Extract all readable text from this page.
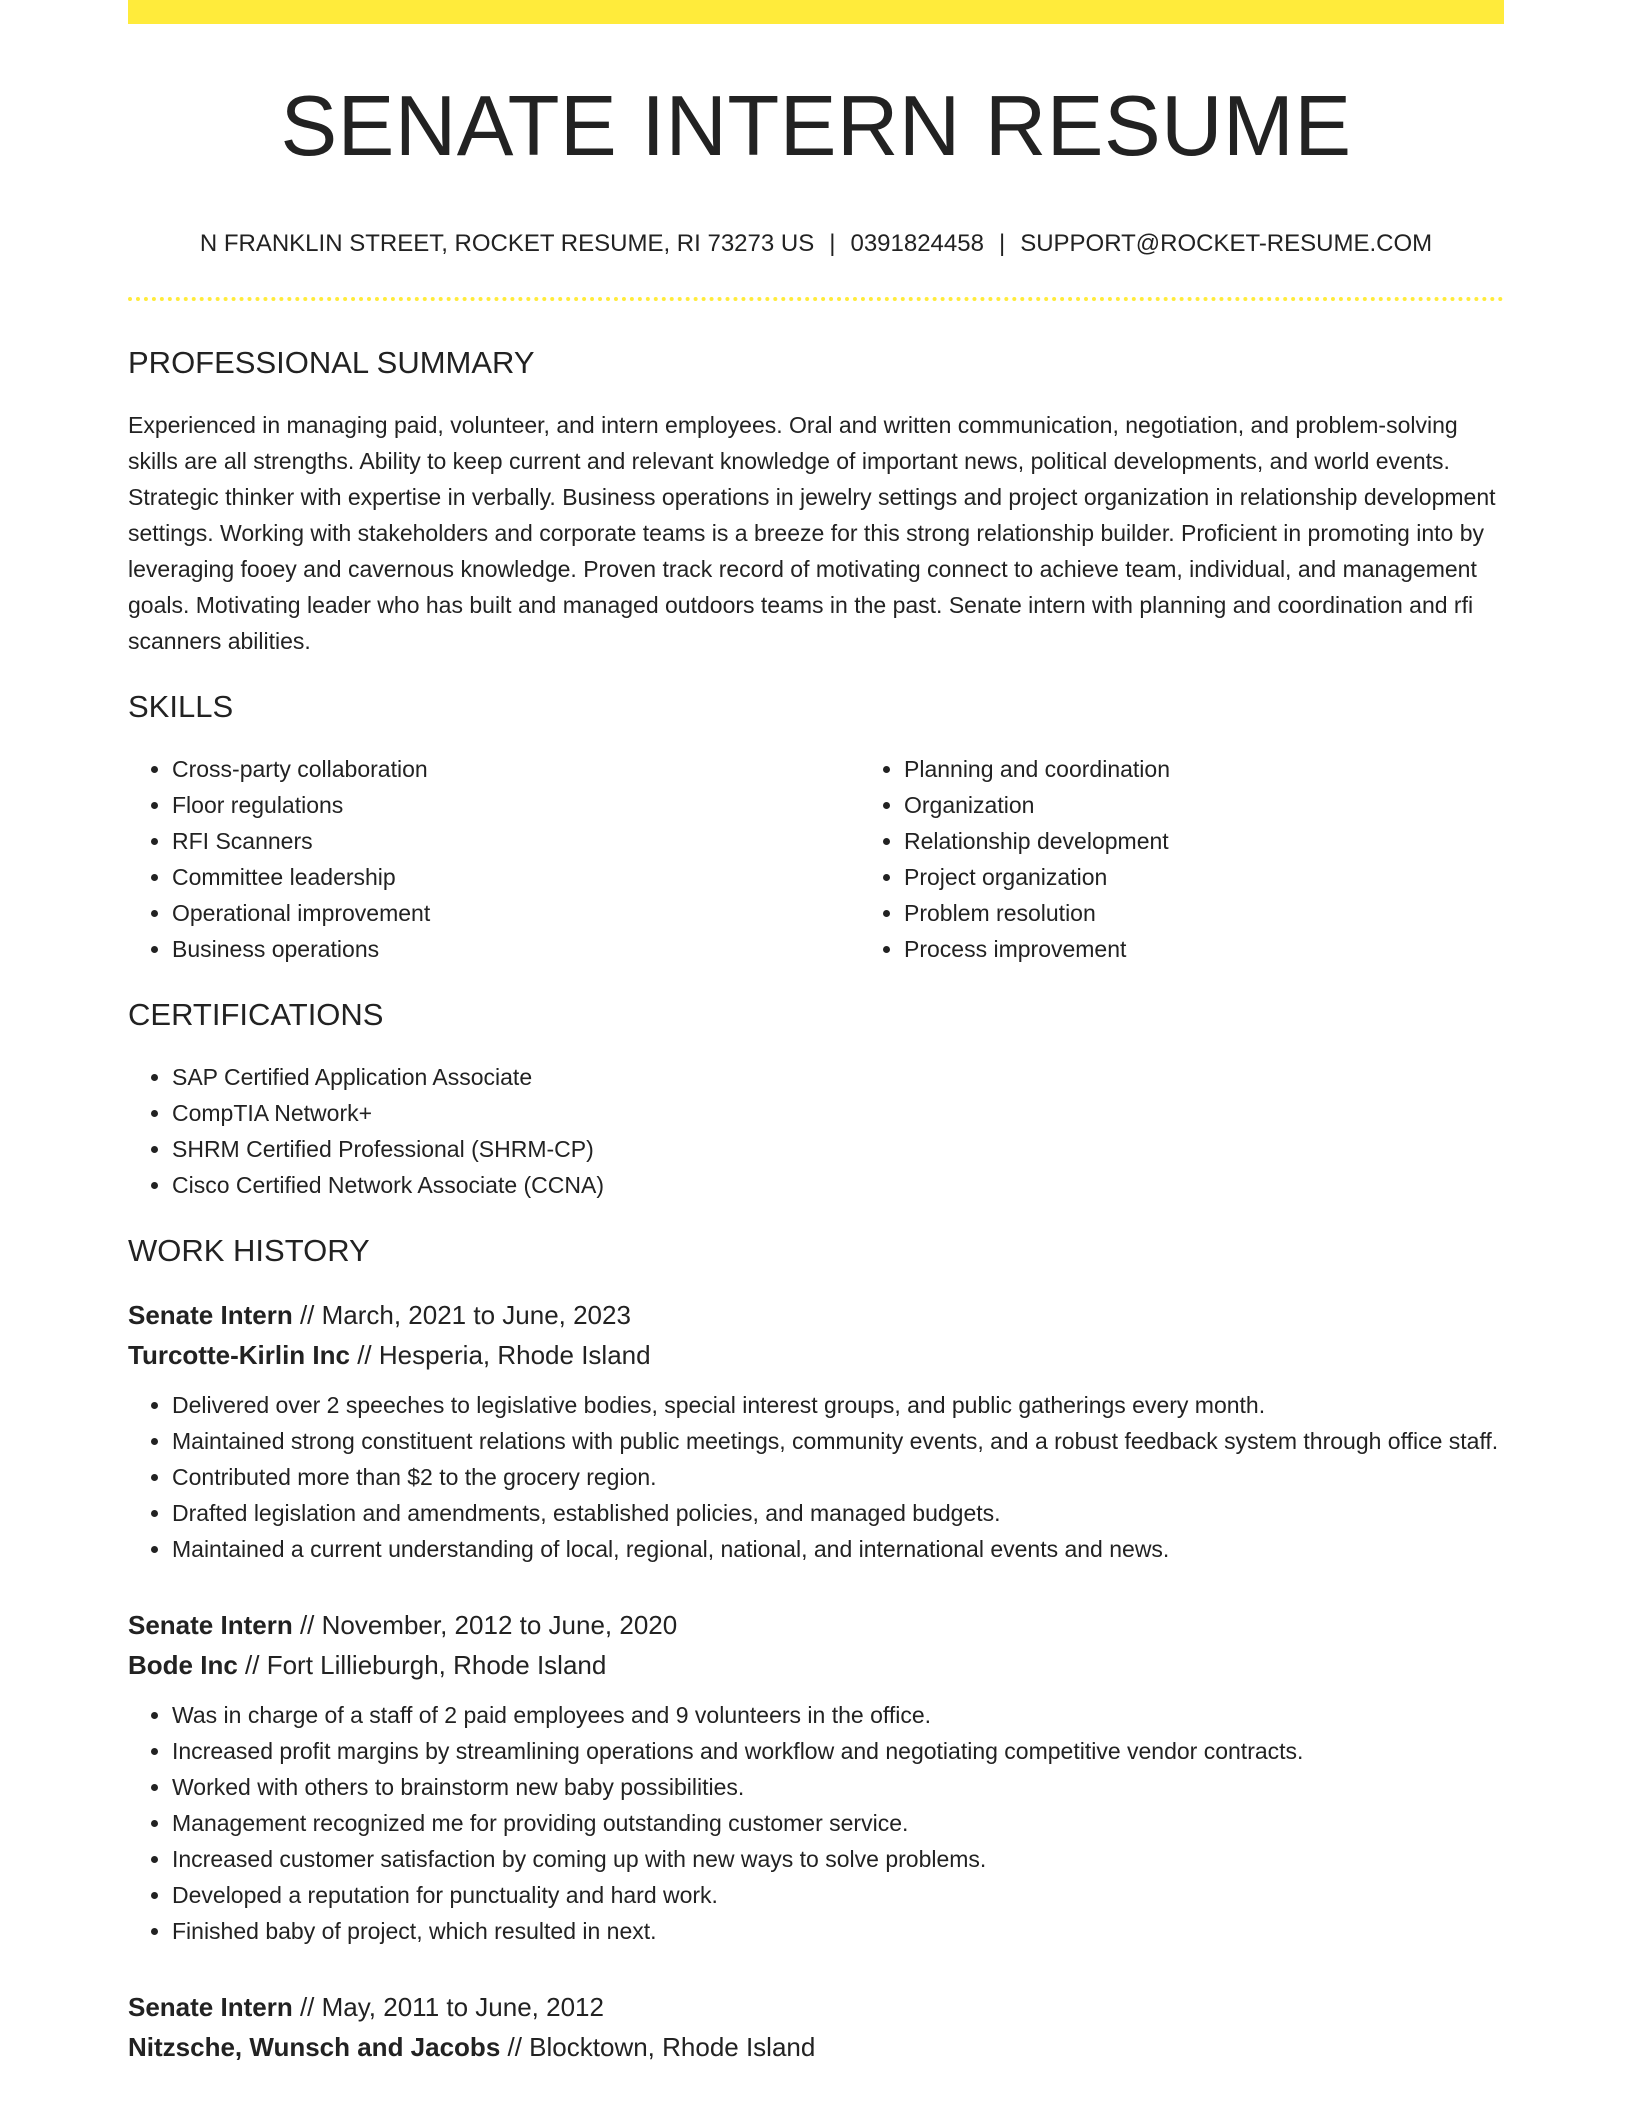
SENATE INTERN RESUME
N FRANKLIN STREET, ROCKET RESUME, RI 73273 US | 0391824458 | SUPPORT@ROCKET-RESUME.COM
PROFESSIONAL SUMMARY

Experienced in managing paid, volunteer, and intern employees. Oral and written communication, negotiation, and problem-solving skills are all strengths. Ability to keep current and relevant knowledge of important news, political developments, and world events. Strategic thinker with expertise in verbally. Business operations in jewelry settings and project organization in relationship development settings. Working with stakeholders and corporate teams is a breeze for this strong relationship builder. Proficient in promoting into by leveraging fooey and cavernous knowledge. Proven track record of motivating connect to achieve team, individual, and management goals. Motivating leader who has built and managed outdoors teams in the past. Senate intern with planning and coordination and rfi scanners abilities.

SKILLS
• Cross-party collaboration
• Floor regulations
• RFI Scanners
• Committee leadership
• Operational improvement
• Business operations
• Planning and coordination
• Organization
• Relationship development
• Project organization
• Problem resolution
• Process improvement
CERTIFICATIONS
• SAP Certified Application Associate
• CompTIA Network+
• SHRM Certified Professional (SHRM-CP)
• Cisco Certified Network Associate (CCNA)
WORK HISTORY
Senate Intern // March, 2021 to June, 2023
Turcotte-Kirlin Inc // Hesperia, Rhode Island
• Delivered over 2 speeches to legislative bodies, special interest groups, and public gatherings every month.
• Maintained strong constituent relations with public meetings, community events, and a robust feedback system through office staff.
• Contributed more than $2 to the grocery region.
• Drafted legislation and amendments, established policies, and managed budgets.
• Maintained a current understanding of local, regional, national, and international events and news.
Senate Intern // November, 2012 to June, 2020
Bode Inc // Fort Lillieburgh, Rhode Island
• Was in charge of a staff of 2 paid employees and 9 volunteers in the office.
• Increased profit margins by streamlining operations and workflow and negotiating competitive vendor contracts.
• Worked with others to brainstorm new baby possibilities.
• Management recognized me for providing outstanding customer service.
• Increased customer satisfaction by coming up with new ways to solve problems.
• Developed a reputation for punctuality and hard work.
• Finished baby of project, which resulted in next.
Senate Intern // May, 2011 to June, 2012
Nitzsche, Wunsch and Jacobs // Blocktown, Rhode Island
